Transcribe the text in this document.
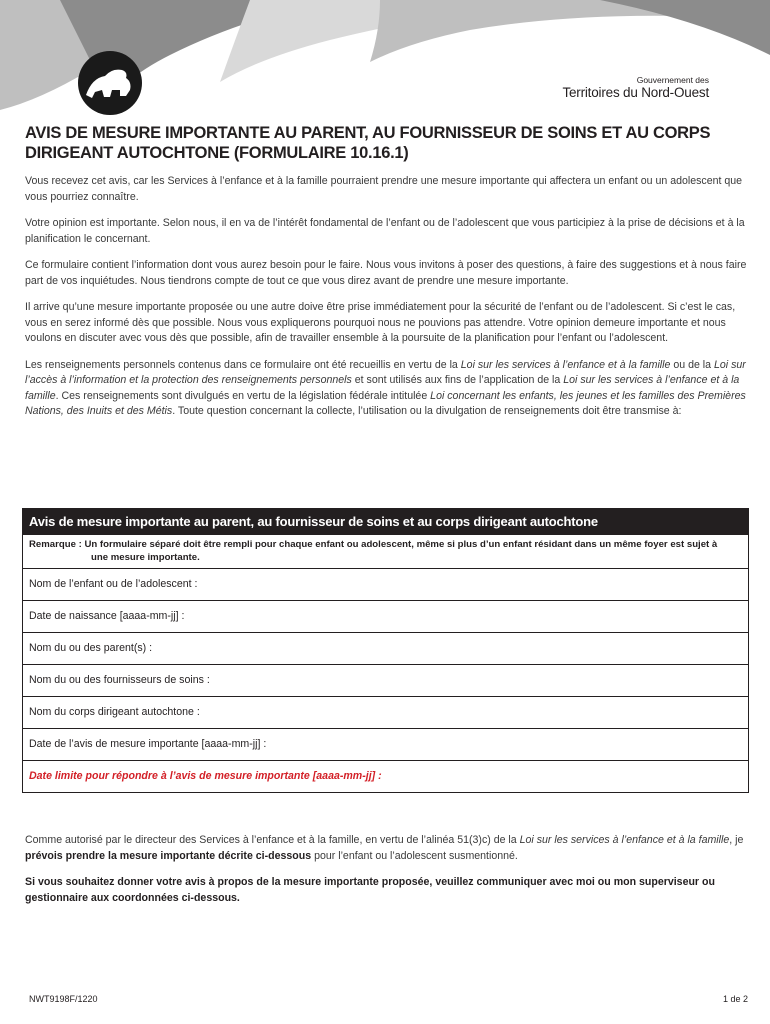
Gouvernement des
Territoires du Nord-Ouest
AVIS DE MESURE IMPORTANTE AU PARENT, AU FOURNISSEUR DE SOINS ET AU CORPS DIRIGEANT AUTOCHTONE (FORMULAIRE 10.16.1)

Vous recevez cet avis, car les Services à l’enfance et à la famille pourraient prendre une mesure importante qui affectera un enfant ou un adolescent que vous pourriez connaître.

Votre opinion est importante. Selon nous, il en va de l’intérêt fondamental de l’enfant ou de l’adolescent que vous participiez à la prise de décisions et à la planification le concernant.

Ce formulaire contient l’information dont vous aurez besoin pour le faire. Nous vous invitons à poser des questions, à faire des suggestions et à nous faire part de vos inquiétudes. Nous tiendrons compte de tout ce que vous direz avant de prendre une mesure importante.

Il arrive qu’une mesure importante proposée ou une autre doive être prise immédiatement pour la sécurité de l’enfant ou de l’adolescent. Si c’est le cas, vous en serez informé dès que possible. Nous vous expliquerons pourquoi nous ne pouvions pas attendre. Votre opinion demeure importante et nous voulons en discuter avec vous dès que possible, afin de travailler ensemble à la poursuite de la planification pour l’enfant ou l’adolescent.

Les renseignements personnels contenus dans ce formulaire ont été recueillis en vertu de la Loi sur les services à l’enfance et à la famille ou de la Loi sur l’accès à l’information et la protection des renseignements personnels et sont utilisés aux fins de l’application de la Loi sur les services à l’enfance et à la famille. Ces renseignements sont divulgués en vertu de la législation fédérale intitulée Loi concernant les enfants, les jeunes et les familles des Premières Nations, des Inuits et des Métis. Toute question concernant la collecte, l’utilisation ou la divulgation de renseignements doit être transmise à:

Avis de mesure importante au parent, au fournisseur de soins et au corps dirigeant autochtone
Remarque : Un formulaire séparé doit être rempli pour chaque enfant ou adolescent, même si plus d’un enfant résidant dans un même foyer est sujet à
une mesure importante.
Nom de l’enfant ou de l’adolescent :
Date de naissance [aaaa-mm-jj] :
Nom du ou des parent(s) :
Nom du ou des fournisseurs de soins :
Nom du corps dirigeant autochtone :
Date de l’avis de mesure importante [aaaa-mm-jj] :
Date limite pour répondre à l’avis de mesure importante [aaaa-mm-jj] :

Comme autorisé par le directeur des Services à l’enfance et à la famille, en vertu de l’alinéa 51(3)c) de la Loi sur les services à l’enfance et à la famille, je prévois prendre la mesure importante décrite ci-dessous pour l’enfant ou l’adolescent susmentionné.

Si vous souhaitez donner votre avis à propos de la mesure importante proposée, veuillez communiquer avec moi ou mon superviseur ou gestionnaire aux coordonnées ci-dessous.

NWT9198F/1220	1 de 2
